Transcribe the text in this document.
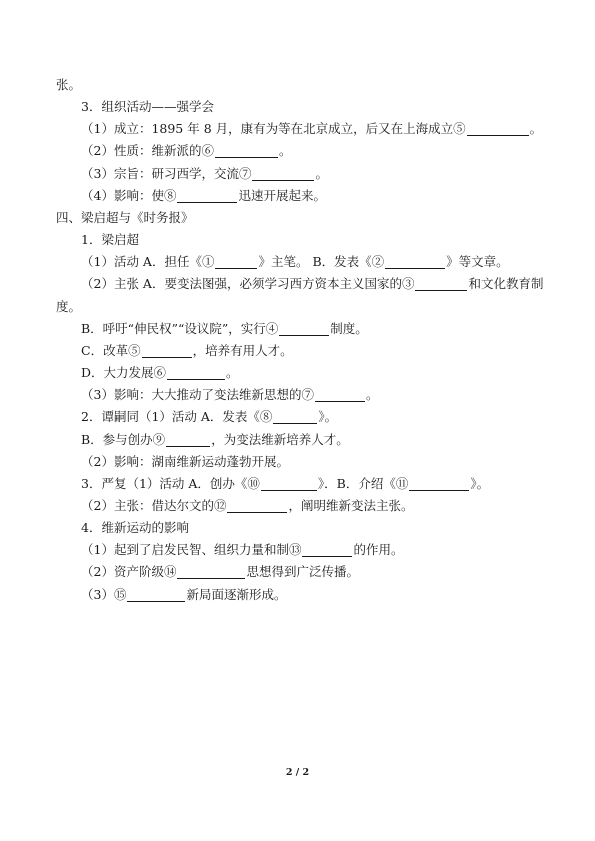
张。
3．组织活动——强学会
（1）成立：1895 年 8 月，康有为等在北京成立，后又在上海成立⑤	。
（2）性质：维新派的⑥	。
（3）宗旨：研习西学，交流⑦	。
（4）影响：使⑧	迅速开展起来。
四、梁启超与《时务报》
1．梁启超
（1）活动 A．担任《①	》主笔。 B．发表《②	》等文章。
（2）主张 A．要变法图强，必须学习西方资本主义国家的③	和文化教育制
度。
B．呼吁“伸民权”“设议院”，实行④	制度。
C．改革⑤	，培养有用人才。
D．大力发展⑥	。
（3）影响：大大推动了变法维新思想的⑦	。
2．谭嗣同（1）活动 A．发表《⑧	》。
B．参与创办⑨	，为变法维新培养人才。
（2）影响：湖南维新运动蓬勃开展。
3．严复（1）活动 A．创办《⑩	》．B．介绍《⑪	》。
（2）主张：借达尔文的⑫	，阐明维新变法主张。
4．维新运动的影响
（1）起到了启发民智、组织力量和制⑬	的作用。
（2）资产阶级⑭	思想得到广泛传播。
（3）⑮	新局面逐渐形成。
2 / 2
